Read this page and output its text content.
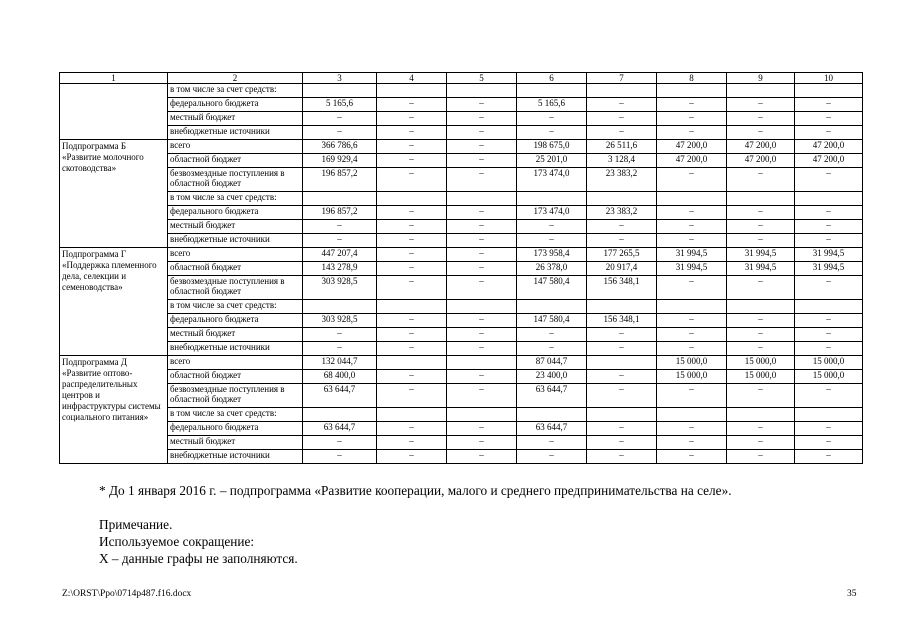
1	2	3	4	5	6	7	8	9	10
	в том числе за счет средств:								
	федерального бюджета	5 165,6	–	–	5 165,6	–	–	–	–
	местный бюджет	–	–	–	–	–	–	–	–
	внебюджетные источники	–	–	–	–	–	–	–	–
Подпрограмма Б «Развитие молочного скотоводства»	всего	366 786,6	–	–	198 675,0	26 511,6	47 200,0	47 200,0	47 200,0
	областной бюджет	169 929,4	–	–	25 201,0	3 128,4	47 200,0	47 200,0	47 200,0
	безвозмездные поступления в областной бюджет	196 857,2	–	–	173 474,0	23 383,2	–	–	–
	в том числе за счет средств:								
	федерального бюджета	196 857,2	–	–	173 474,0	23 383,2	–	–	–
	местный бюджет	–	–	–	–	–	–	–	–
	внебюджетные источники	–	–	–	–	–	–	–	–
Подпрограмма Г «Поддержка племенного дела, селекции и семеноводства»	всего	447 207,4	–	–	173 958,4	177 265,5	31 994,5	31 994,5	31 994,5
	областной бюджет	143 278,9	–	–	26 378,0	20 917,4	31 994,5	31 994,5	31 994,5
	безвозмездные поступления в областной бюджет	303 928,5	–	–	147 580,4	156 348,1	–	–	–
	в том числе за счет средств:								
	федерального бюджета	303 928,5	–	–	147 580,4	156 348,1	–	–	–
	местный бюджет	–	–	–	–	–	–	–	–
	внебюджетные источники	–	–	–	–	–	–	–	–
Подпрограмма Д «Развитие оптово-распределительных центров и инфраструктуры системы социального питания»	всего	132 044,7			87 044,7		15 000,0	15 000,0	15 000,0
	областной бюджет	68 400,0	–	–	23 400,0	–	15 000,0	15 000,0	15 000,0
	безвозмездные поступления в областной бюджет	63 644,7	–	–	63 644,7	–	–	–	–
	в том числе за счет средств:								
	федерального бюджета	63 644,7	–	–	63 644,7	–	–	–	–
	местный бюджет	–	–	–	–	–	–	–	–
	внебюджетные источники	–	–	–	–	–	–	–	–
* До 1 января 2016 г. – подпрограмма «Развитие кооперации, малого и среднего предпринимательства на селе».
Примечание.
Используемое сокращение:
Х – данные графы не заполняются.
Z:\ORST\Ppo\0714p487.f16.docx	35
